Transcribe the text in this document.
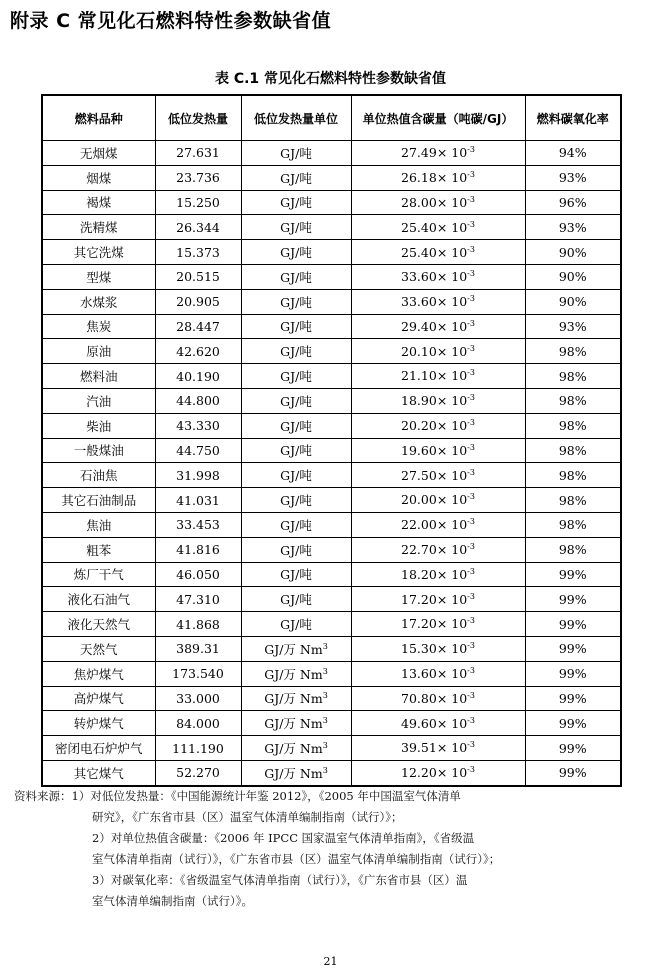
附录 C 常见化石燃料特性参数缺省值
表 C.1 常见化石燃料特性参数缺省值
燃料品种	低位发热量	低位发热量单位	单位热值含碳量（吨碳/GJ）	燃料碳氧化率
无烟煤	27.631	GJ/吨	$27.49\times 10^{-3}$	94%
烟煤	23.736	GJ/吨	$26.18\times 10^{-3}$	93%
褐煤	15.250	GJ/吨	$28.00\times 10^{-3}$	96%
洗精煤	26.344	GJ/吨	$25.40\times 10^{-3}$	93%
其它洗煤	15.373	GJ/吨	$25.40\times 10^{-3}$	90%
型煤	20.515	GJ/吨	$33.60\times 10^{-3}$	90%
水煤浆	20.905	GJ/吨	$33.60\times 10^{-3}$	90%
焦炭	28.447	GJ/吨	$29.40\times 10^{-3}$	93%
原油	42.620	GJ/吨	$20.10\times 10^{-3}$	98%
燃料油	40.190	GJ/吨	$21.10\times 10^{-3}$	98%
汽油	44.800	GJ/吨	$18.90\times 10^{-3}$	98%
柴油	43.330	GJ/吨	$20.20\times 10^{-3}$	98%
一般煤油	44.750	GJ/吨	$19.60\times 10^{-3}$	98%
石油焦	31.998	GJ/吨	$27.50\times 10^{-3}$	98%
其它石油制品	41.031	GJ/吨	$20.00\times 10^{-3}$	98%
焦油	33.453	GJ/吨	$22.00\times 10^{-3}$	98%
粗苯	41.816	GJ/吨	$22.70\times 10^{-3}$	98%
炼厂干气	46.050	GJ/吨	$18.20\times 10^{-3}$	99%
液化石油气	47.310	GJ/吨	$17.20\times 10^{-3}$	99%
液化天然气	41.868	GJ/吨	$17.20\times 10^{-3}$	99%
天然气	389.31	GJ/万 Nm$^3$	$15.30\times 10^{-3}$	99%
焦炉煤气	173.540	GJ/万 Nm$^3$	$13.60\times 10^{-3}$	99%
高炉煤气	33.000	GJ/万 Nm$^3$	$70.80\times 10^{-3}$	99%
转炉煤气	84.000	GJ/万 Nm$^3$	$49.60\times 10^{-3}$	99%
密闭电石炉炉气	111.190	GJ/万 Nm$^3$	$39.51\times 10^{-3}$	99%
其它煤气	52.270	GJ/万 Nm$^3$	$12.20\times 10^{-3}$	99%
资料来源：1）对低位发热量：《中国能源统计年鉴 2012》，《2005 年中国温室气体清单
研究》，《广东省市县（区）温室气体清单编制指南（试行）》；
2）对单位热值含碳量：《2006 年 IPCC 国家温室气体清单指南》，《省级温
室气体清单指南（试行）》，《广东省市县（区）温室气体清单编制指南（试行）》；
3）对碳氧化率：《省级温室气体清单指南（试行）》，《广东省市县（区）温
室气体清单编制指南（试行）》。
21
